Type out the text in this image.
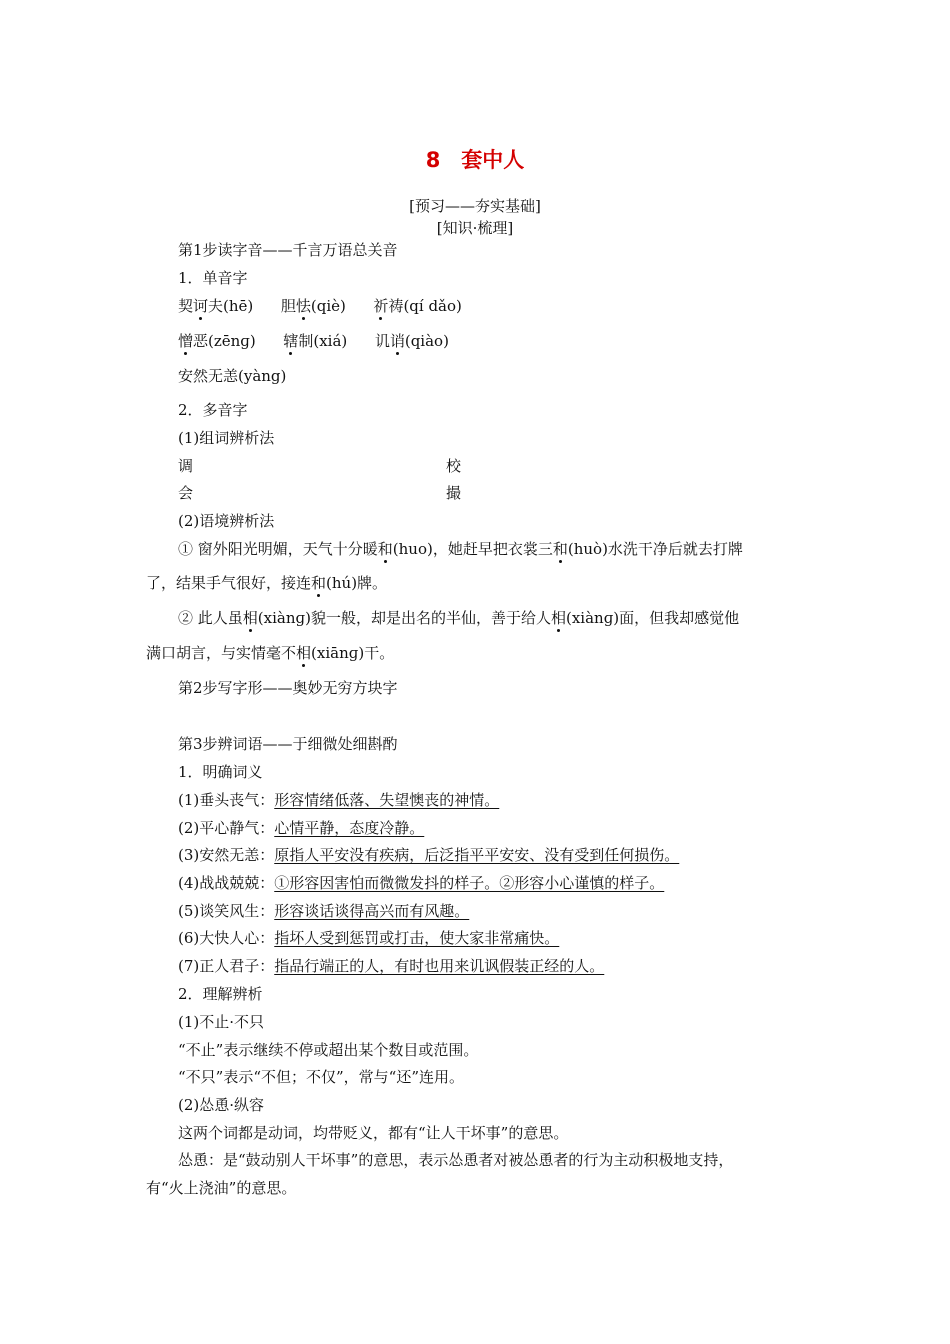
8　套中人
[预习——夯实基础]
[知识·梳理]
第1步读字音——千言万语总关音
1．单音字
契诃夫(hē) 胆怯(qiè) 祈祷(qí dǎo)
憎恶(zēnɡ) 辖制(xiá) 讥诮(qiào)
安然无恙(yàng)
2．多音字
(1)组词辨析法
调	校
会	撮
(2)语境辨析法
① 窗外阳光明媚，天气十分暖和(huo)，她赶早把衣裳三和(huò)水洗干净后就去打牌
了，结果手气很好，接连和(hú)牌。
② 此人虽相(xiànɡ)貌一般，却是出名的半仙，善于给人相(xiànɡ)面，但我却感觉他
满口胡言，与实情毫不相(xiānɡ)干。
第2步写字形——奥妙无穷方块字
第3步辨词语——于细微处细斟酌
1．明确词义
(1)垂头丧气：形容情绪低落、失望懊丧的神情。
(2)平心静气：心情平静，态度冷静。
(3)安然无恙：原指人平安没有疾病，后泛指平平安安、没有受到任何损伤。
(4)战战兢兢：①形容因害怕而微微发抖的样子。②形容小心谨慎的样子。
(5)谈笑风生：形容谈话谈得高兴而有风趣。
(6)大快人心：指坏人受到惩罚或打击，使大家非常痛快。
(7)正人君子：指品行端正的人，有时也用来讥讽假装正经的人。
2．理解辨析
(1)不止·不只
“不止”表示继续不停或超出某个数目或范围。
“不只”表示“不但；不仅”，常与“还”连用。
(2)怂恿·纵容
这两个词都是动词，均带贬义，都有“让人干坏事”的意思。
怂恿：是“鼓动别人干坏事”的意思，表示怂恿者对被怂恿者的行为主动积极地支持，
有“火上浇油”的意思。
